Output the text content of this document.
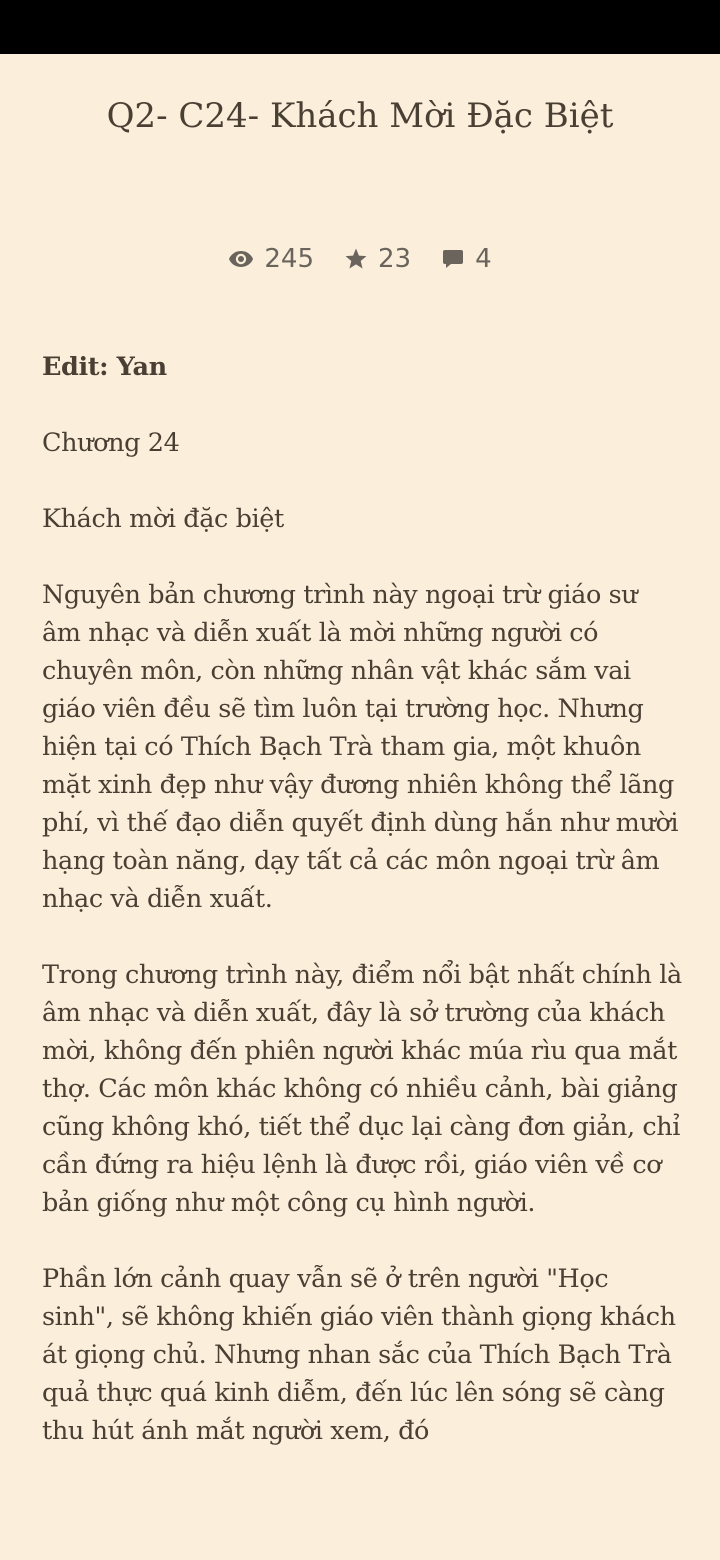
Q2- C24- Khách Mời Đặc Biệt
245 23 4

Edit: Yan

Chương 24

Khách mời đặc biệt

Nguyên bản chương trình này ngoại trừ giáo sư âm nhạc và diễn xuất là mời những người có chuyên môn, còn những nhân vật khác sắm vai giáo viên đều sẽ tìm luôn tại trường học. Nhưng hiện tại có Thích Bạch Trà tham gia, một khuôn mặt xinh đẹp như vậy đương nhiên không thể lãng phí, vì thế đạo diễn quyết định dùng hắn như mười hạng toàn năng, dạy tất cả các môn ngoại trừ âm nhạc và diễn xuất.

Trong chương trình này, điểm nổi bật nhất chính là âm nhạc và diễn xuất, đây là sở trường của khách mời, không đến phiên người khác múa rìu qua mắt thợ. Các môn khác không có nhiều cảnh, bài giảng cũng không khó, tiết thể dục lại càng đơn giản, chỉ cần đứng ra hiệu lệnh là được rồi, giáo viên về cơ bản giống như một công cụ hình người.

Phần lớn cảnh quay vẫn sẽ ở trên người "Học sinh", sẽ không khiến giáo viên thành giọng khách át giọng chủ. Nhưng nhan sắc của Thích Bạch Trà quả thực quá kinh diễm, đến lúc lên sóng sẽ càng thu hút ánh mắt người xem, đó
